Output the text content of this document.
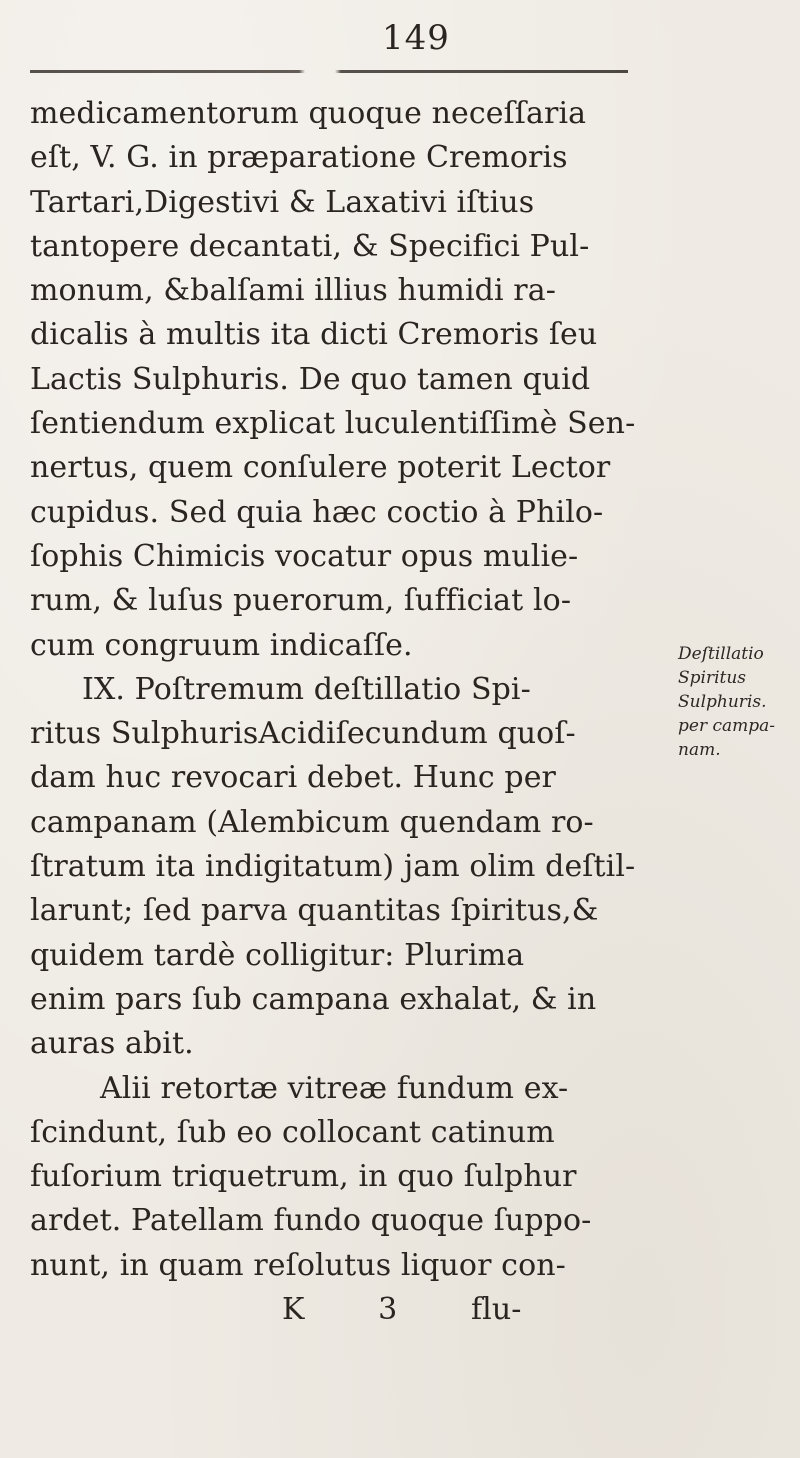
149
medicamentorum quoque neceſſaria
eſt, V. G. in præparatione Cremoris
Tartari,Digestivi & Laxativi iſtius
tantopere decantati, & Specifici Pul-
monum, &balſami illius humidi ra-
dicalis à multis ita dicti Cremoris ſeu
Lactis Sulphuris. De quo tamen quid
ſentiendum explicat luculentiſſimè Sen-
nertus, quem conſulere poterit Lector
cupidus. Sed quia hæc coctio à Philo-
ſophis Chimicis vocatur opus mulie-
rum, & luſus puerorum, ſufficiat lo-
cum congruum indicaſſe.
IX. Poſtremum deſtillatio Spi-
ritus SulphurisAcidiſecundum quoſ-
dam huc revocari debet. Hunc per
campanam (Alembicum quendam ro-
ſtratum ita indigitatum) jam olim deſtil-
larunt; ſed parva quantitas ſpiritus,&
quidem tardè colligitur: Plurima
enim pars ſub campana exhalat, & in
auras abit.
Alii retortæ vitreæ fundum ex-
ſcindunt, ſub eo collocant catinum
fuſorium triquetrum, in quo ſulphur
ardet. Patellam fundo quoque ſuppo-
nunt, in quam reſolutus liquor con-
K 3 flu-
Deſtillatio
Spiritus
Sulphuris.
per campa-
nam.
